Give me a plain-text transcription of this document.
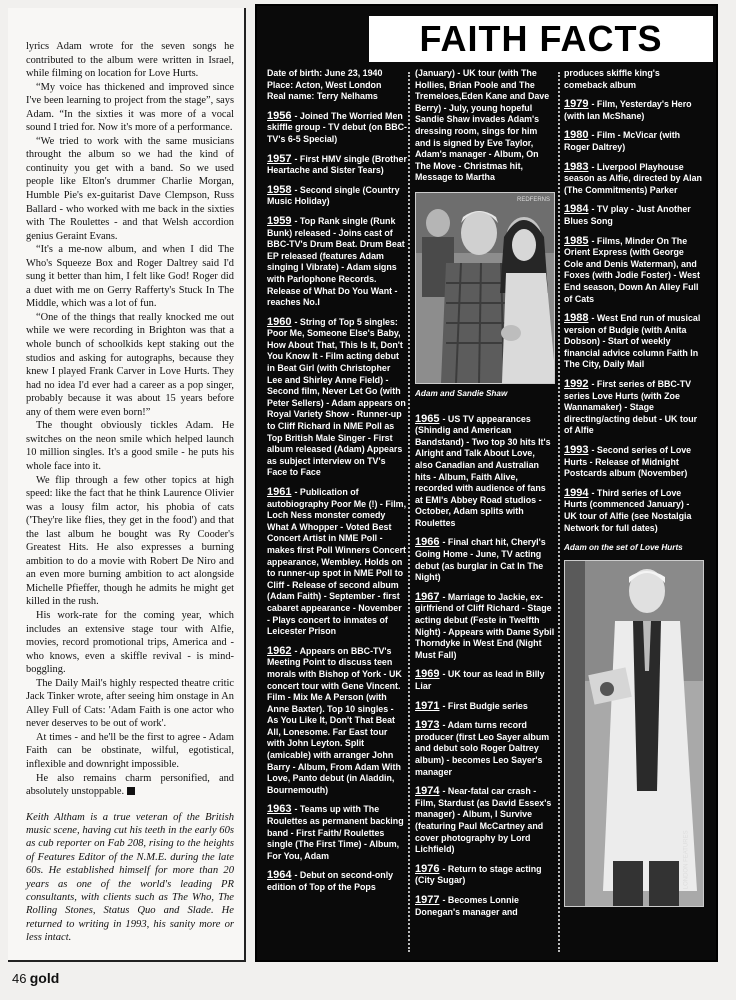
lyrics Adam wrote for the seven songs he contributed to the album were written in Israel, while filming on location for Love Hurts.

“My voice has thickened and improved since I've been learning to project from the stage”, says Adam. “In the sixties it was more of a vocal sound I tried for. Now it's more of a performance.

“We tried to work with the same musicians throught the album so we had the kind of continuity you get with a band. So we used people like Elton's drummer Charlie Morgan, Humble Pie's ex-guitarist Dave Clempson, Russ Ballard - who worked with me back in the sixties with The Roulettes - and that Welsh accordion genius Geraint Evans.

“It's a me-now album, and when I did The Who's Squeeze Box and Roger Daltrey said I'd sung it better than him, I felt like God! Roger did a duet with me on Gerry Rafferty's Stuck In The Middle, which was a lot of fun.

“One of the things that really knocked me out while we were recording in Brighton was that a whole bunch of schoolkids kept staking out the studios and asking for autographs, because they knew I played Frank Carver in Love Hurts. They had no idea I'd ever had a career as a pop singer, probably because it was about 15 years before any of them were even born!”

The thought obviously tickles Adam. He switches on the neon smile which helped launch 10 million singles. It's a good smile - he puts his whole face into it.

We flip through a few other topics at high speed: like the fact that he think Laurence Olivier was a lousy film actor, his phobia of cats ('They're like flies, they get in the food') and that the last album he bought was Ry Cooder's Greatest Hits. He also expresses a burning ambition to do a movie with Robert De Niro and an even more burning ambition to act alongside Michelle Pfieffer, though he admits he might get killed in the rush.

His work-rate for the coming year, which includes an extensive stage tour with Alfie, movies, record promotional trips, America and - who knows, even a skiffle revival - is mind-boggling.

The Daily Mail's highly respected theatre critic Jack Tinker wrote, after seeing him onstage in An Alley Full of Cats: 'Adam Faith is one actor who never deserves to be out of work'.

At times - and he'll be the first to agree - Adam Faith can be obstinate, wilful, egotistical, inflexible and downright impossible.

He also remains charm personified, and absolutely unstoppable.

Keith Altham is a true veteran of the British music scene, having cut his teeth in the early 60s as cub reporter on Fab 208, rising to the heights of Features Editor of the N.M.E. during the late 60s. He established himself for more than 20 years as one of the world's leading PR consultants, with clients such as The Who, The Rolling Stones, Status Quo and Slade. He returned to writing in 1993, his sanity more or less intact.

46 gold
FAITH FACTS
Date of birth: June 23, 1940
Place: Acton, West London
Real name: Terry Nelhams
1956 - Joined The Worried Men skiffle group - TV debut (on BBC-TV's 6-5 Special)
1957 - First HMV single (Brother Heartache and Sister Tears)
1958 - Second single (Country Music Holiday)
1959 - Top Rank single (Runk Bunk) released - Joins cast of BBC-TV's Drum Beat. Drum Beat EP released (features Adam singing I Vibrate) - Adam signs with Parlophone Records. Release of What Do You Want - reaches No.I
1960 - String of Top 5 singles: Poor Me, Someone Else's Baby, How About That, This Is It, Don't You Know It - Film acting debut in Beat Girl (with Christopher Lee and Shirley Anne Field) - Second film, Never Let Go (with Peter Sellers) - Adam appears on Royal Variety Show - Runner-up to Cliff Richard in NME Poll as Top British Male Singer - First album released (Adam) Appears as subject interview on TV's Face to Face
1961 - Publication of autobiography Poor Me (!) - Film, Loch Ness monster comedy What A Whopper - Voted Best Concert Artist in NME Poll - makes first Poll Winners Concert appearance, Wembley. Holds on to runner-up spot in NME Poll to Cliff - Release of second album (Adam Faith) - September - first cabaret appearance - November - Plays concert to inmates of Leicester Prison
1962 - Appears on BBC-TV's Meeting Point to discuss teen morals with Bishop of York - UK concert tour with Gene Vincent. Film - Mix Me A Person (with Anne Baxter). Top 10 singles - As You Like It, Don't That Beat All, Lonesome. Far East tour with John Leyton. Split (amicable) with arranger John Barry - Album, From Adam With Love, Panto debut (in Aladdin, Bournemouth)
1963 - Teams up with The Roulettes as permanent backing band - First Faith/ Roulettes single (The First Time) - Album, For You, Adam
1964 - Debut on second-only edition of Top of the Pops
(January) - UK tour (with The Hollies, Brian Poole and The Tremeloes,Eden Kane and Dave Berry) - July, young hopeful Sandie Shaw invades Adam's dressing room, sings for him and is signed by Eve Taylor, Adam's manager - Album, On The Move - Christmas hit, Message to Martha
REDFERNS
Adam and Sandie Shaw
1965 - US TV appearances (Shindig and American Bandstand) - Two top 30 hits It's Alright and Talk About Love, also Canadian and Australian hits - Album, Faith Alive, recorded with audience of fans at EMI's Abbey Road studios - October, Adam splits with Roulettes
1966 - Final chart hit, Cheryl's Going Home - June, TV acting debut (as burglar in Cat In The Night)
1967 - Marriage to Jackie, ex-girlfriend of Cliff Richard - Stage acting debut (Feste in Twelfth Night) - Appears with Dame Sybil Thorndyke in West End (Night Must Fall)
1969 - UK tour as lead in Billy Liar
1971 - First Budgie series
1973 - Adam turns record producer (first Leo Sayer album and debut solo Roger Daltrey album) - becomes Leo Sayer's manager
1974 - Near-fatal car crash - Film, Stardust (as David Essex's manager) - Album, I Survive (featuring Paul McCartney and cover photography by Lord Lichfield)
1976 - Return to stage acting (City Sugar)
1977 - Becomes Lonnie Donegan's manager and
produces skiffle king's comeback album
1979 - Film, Yesterday's Hero (with Ian McShane)
1980 - Film - McVicar (with Roger Daltrey)
1983 - Liverpool Playhouse season as Alfie, directed by Alan (The Commitments) Parker
1984 - TV play - Just Another Blues Song
1985 - Films, Minder On The Orient Express (with George Cole and Denis Waterman), and Foxes (with Jodie Foster) - West End season, Down An Alley Full of Cats
1988 - West End run of musical version of Budgie (with Anita Dobson) - Start of weekly financial advice column Faith In The City, Daily Mail
1992 - First series of BBC-TV series Love Hurts (with Zoe Wannamaker) - Stage directing/acting debut - UK tour of Alfie
1993 - Second series of Love Hurts - Release of Midnight Postcards album (November)
1994 - Third series of Love Hurts (commenced January) - UK tour of Alfie (see Nostalgia Network for full dates)
Adam on the set of Love Hurts
LONDON FEATURES
